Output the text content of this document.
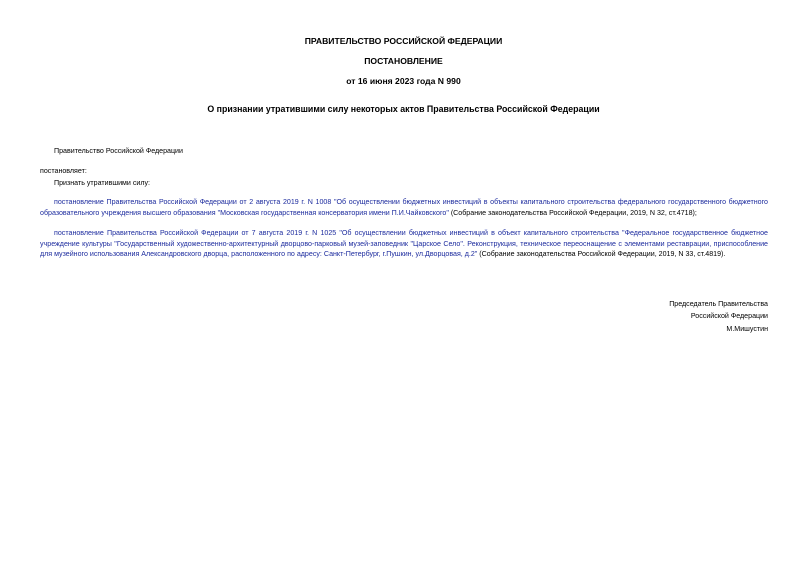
ПРАВИТЕЛЬСТВО РОССИЙСКОЙ ФЕДЕРАЦИИ
ПОСТАНОВЛЕНИЕ
от 16 июня 2023 года N 990
О признании утратившими силу некоторых актов Правительства Российской Федерации
Правительство Российской Федерации
постановляет:
Признать утратившими силу:
постановление Правительства Российской Федерации от 2 августа 2019 г. N 1008 "Об осуществлении бюджетных инвестиций в объекты капитального строительства федерального государственного бюджетного образовательного учреждения высшего образования "Московская государственная консерватория имени П.И.Чайковского" (Собрание законодательства Российской Федерации, 2019, N 32, ст.4718);
постановление Правительства Российской Федерации от 7 августа 2019 г. N 1025 "Об осуществлении бюджетных инвестиций в объект капитального строительства "Федеральное государственное бюджетное учреждение культуры "Государственный художественно-архитектурный дворцово-парковый музей-заповедник "Царское Село". Реконструкция, техническое переоснащение с элементами реставрации, приспособление для музейного использования Александровского дворца, расположенного по адресу: Санкт-Петербург, г.Пушкин, ул.Дворцовая, д.2" (Собрание законодательства Российской Федерации, 2019, N 33, ст.4819).
Председатель Правительства
Российской Федерации
М.Мишустин
